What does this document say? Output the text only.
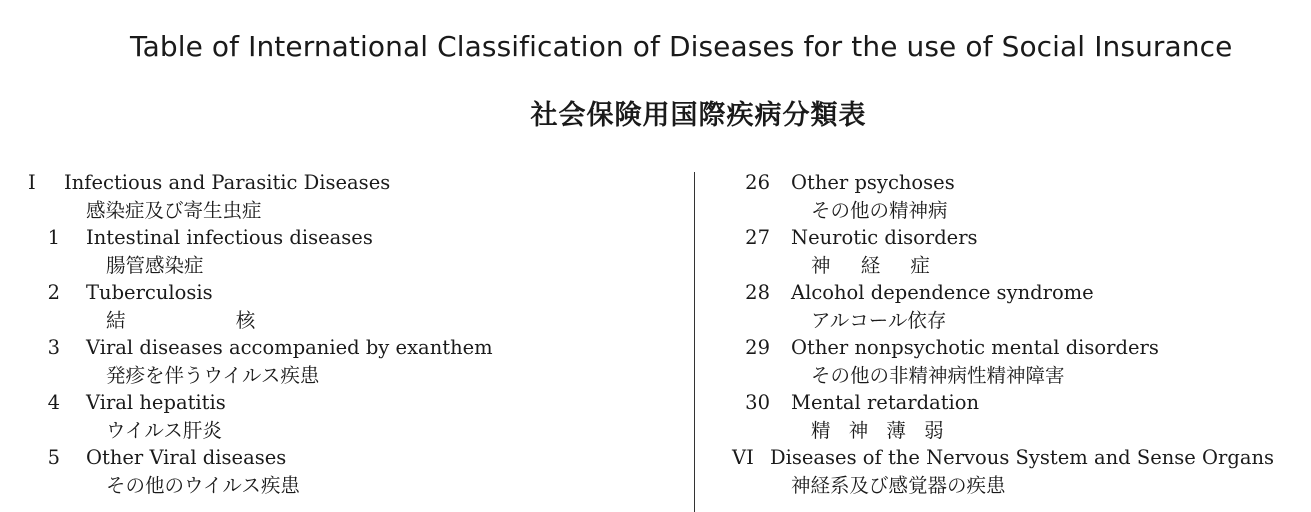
Table of International Classification of Diseases for the use of Social Insurance
社会保険用国際疾病分類表
I	Infectious and Parasitic Diseases
感染症及び寄生虫症
1 Intestinal infectious diseases
腸管感染症
2 Tuberculosis
結 核
3 Viral diseases accompanied by exanthem
発疹を伴うウイルス疾患
4 Viral hepatitis
ウイルス肝炎
5 Other Viral diseases
その他のウイルス疾患
26 Other psychoses
その他の精神病
27 Neurotic disorders
神 経 症
28 Alcohol dependence syndrome
アルコール依存
29 Other nonpsychotic mental disorders
その他の非精神病性精神障害
30 Mental retardation
精 神 薄 弱
VI Diseases of the Nervous System and Sense Organs
神経系及び感覚器の疾患
